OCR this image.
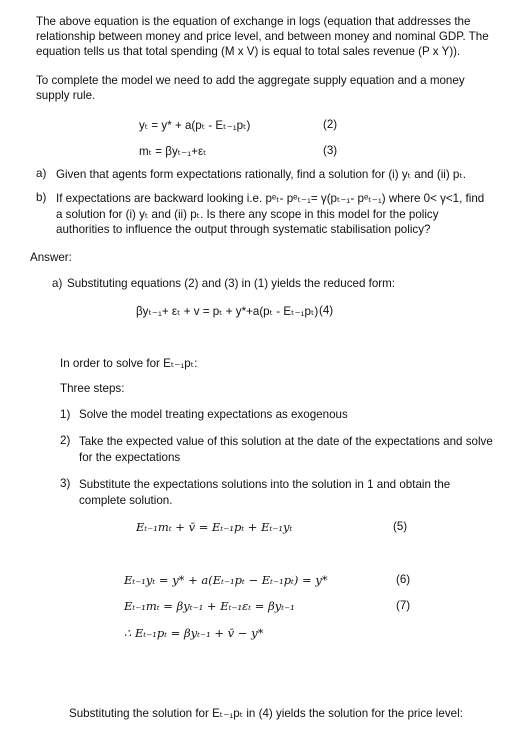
The above equation is the equation of exchange in logs (equation that addresses the relationship between money and price level, and between money and nominal GDP. The equation tells us that total spending (M x V) is equal to total sales revenue (P x Y)).
To complete the model we need to add the aggregate supply equation and a money supply rule.
yₜ = y* + a(pₜ - Eₜ₋₁pₜ)	(2)
mₜ = βyₜ₋₁+εₜ	(3)
a) Given that agents form expectations rationally, find a solution for (i) yₜ and (ii) pₜ.
b) If expectations are backward looking i.e. pᵉₜ- pᵉₜ₋₁= γ(pₜ₋₁- pᵉₜ₋₁) where 0< γ<1, find a solution for (i) yₜ and (ii) pₜ. Is there any scope in this model for the policy authorities to influence the output through systematic stabilisation policy?
Answer:
a) Substituting equations (2) and (3) in (1) yields the reduced form:
βyₜ₋₁+ εₜ + v = pₜ + y*+a(pₜ - Eₜ₋₁pₜ) (4)
In order to solve for Eₜ₋₁pₜ:
Three steps:
1) Solve the model treating expectations as exogenous
2) Take the expected value of this solution at the date of the expectations and solve for the expectations
3) Substitute the expectations solutions into the solution in 1 and obtain the complete solution.
Eₜ₋₁mₜ + v̄ = Eₜ₋₁pₜ + Eₜ₋₁yₜ	(5)
Eₜ₋₁yₜ = y* + a(Eₜ₋₁pₜ − Eₜ₋₁pₜ) = y*	(6)
Eₜ₋₁mₜ = βyₜ₋₁ + Eₜ₋₁εₜ = βyₜ₋₁	(7)
∴ Eₜ₋₁pₜ = βyₜ₋₁ + v̄ − y*
Substituting the solution for Eₜ₋₁pₜ in (4) yields the solution for the price level:
